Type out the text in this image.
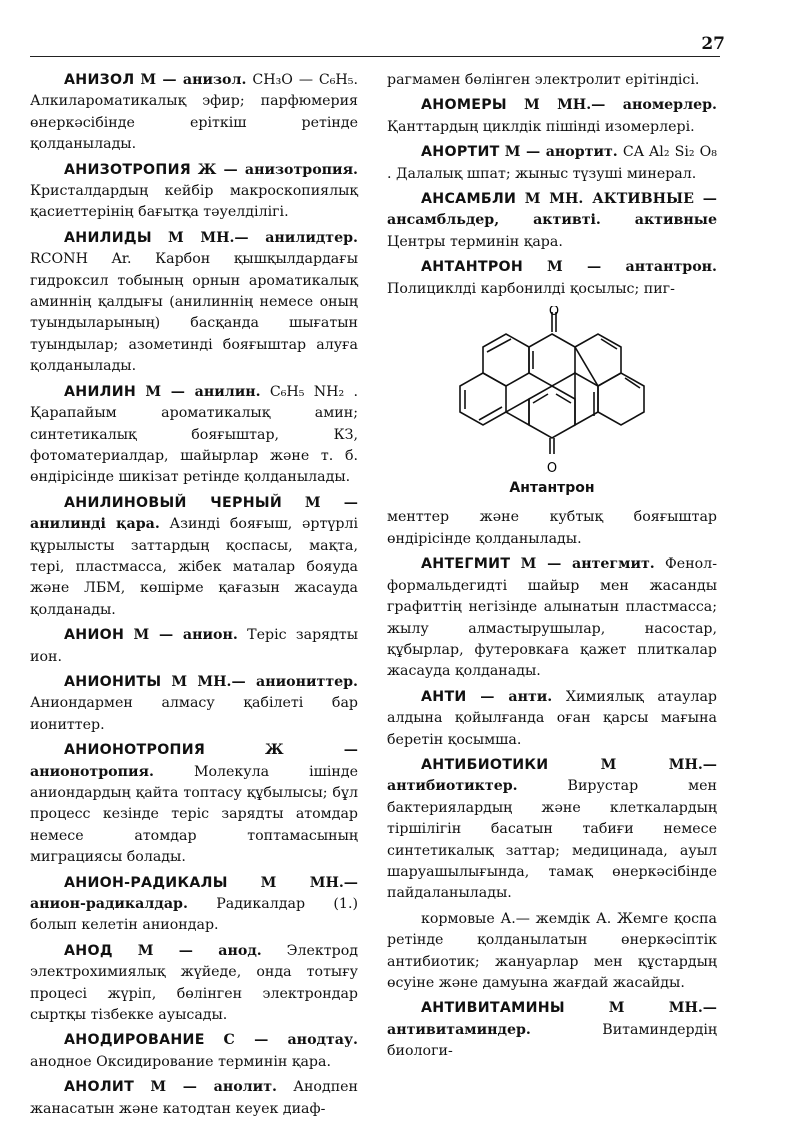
27

АНИЗОЛ М — анизол. CH₃O — C₆H₅. Алкилароматикалық эфир; парфюмерия өнеркәсібінде еріткіш ретінде қолданылады.

АНИЗОТРОПИЯ Ж — анизотропия. Кристалдардың кейбір макроскопиялық қасиеттерінің бағытқа тәуелділігі.

АНИЛИДЫ М МН.— анилидтер. RCONH Ar. Карбон қышқылдардағы гидроксил тобының орнын ароматикалық аминнің қалдығы (анилиннің немесе оның туындыларының) басқанда шығатын туындылар; азометинді бояғыштар алуға қолданылады.

АНИЛИН М — анилин. C₆H₅ NH₂ . Қарапайым ароматикалық амин; синтетикалық бояғыштар, КЗ, фотоматериалдар, шайырлар және т. б. өндірісінде шикізат ретінде қолданылады.

АНИЛИНОВЫЙ ЧЕРНЫЙ М — анилинді қара. Азинді бояғыш, әртүрлі құрылысты заттардың қоспасы, мақта, тері, пластмасса, жібек маталар бояуда және ЛБМ, көшірме қағазын жасауда қолданады.

АНИОН М — анион. Теріс зарядты ион.

АНИОНИТЫ М МН.— аниониттер. Аниондармен алмасу қабілеті бар иониттер.

АНИОНОТРОПИЯ	Ж — анионотропия.	Молекула ішінде аниондардың қайта топтасу құбылысы; бұл процесс кезінде теріс зарядты атомдар немесе атомдар топтамасының миграциясы болады.

АНИОН-РАДИКАЛЫ М МН.— анион-радикалдар. Радикалдар (1.) болып келетін аниондар.

АНОД М — анод. Электрод электрохимиялық жүйеде, онда тотығу процесі жүріп, бөлінген электрондар сыртқы тізбекке ауысады.

АНОДИРОВАНИЕ С — анодтау. анодное Оксидирование терминін қара.

АНОЛИТ М — анолит. Анодпен жанасатын және катодтан кеуек диаф-

рагмамен бөлінген электролит ерітіндісі.

АНОМЕРЫ М МН.— аномерлер. Қанттардың циклдік пішінді изомерлері.

АНОРТИТ М — анортит. CA Al₂ Si₂ O₈ . Далалық шпат; жыныс түзуші минерал.

АНСАМБЛИ М МН. АКТИВНЫЕ — ансамбльдер, активті. активные Центры терминін қара.

АНТАНТРОН М — антантрон. Полициклді карбонилді қосылыс; пиг-

O
O
Антантрон

менттер және кубтық бояғыштар өндірісінде қолданылады.

АНТЕГМИТ М — антегмит. Фенол-формальдегидті шайыр мен жасанды графиттің негізінде алынатын пластмасса; жылу алмастырушылар, насостар, құбырлар, футеровкаға қажет плиткалар жасауда қолданады.

АНТИ — анти. Химиялық атаулар алдына қойылғанда оған қарсы мағына беретін қосымша.

АНТИБИОТИКИ	М МН.— антибиотиктер.	Вирустар мен бактериялардың және клеткалардың тіршілігін басатын табиғи немесе синтетикалық заттар; медицинада, ауыл шаруашылығында, тамақ өнеркәсібінде пайдаланылады.

кормовые А.— жемдік А. Жемге қоспа ретінде қолданылатын өнеркәсіптік антибиотик; жануарлар мен құстардың өсуіне және дамуына жағдай жасайды.

АНТИВИТАМИНЫ	М МН.— антивитаминдер.	Витаминдердің биологи-
